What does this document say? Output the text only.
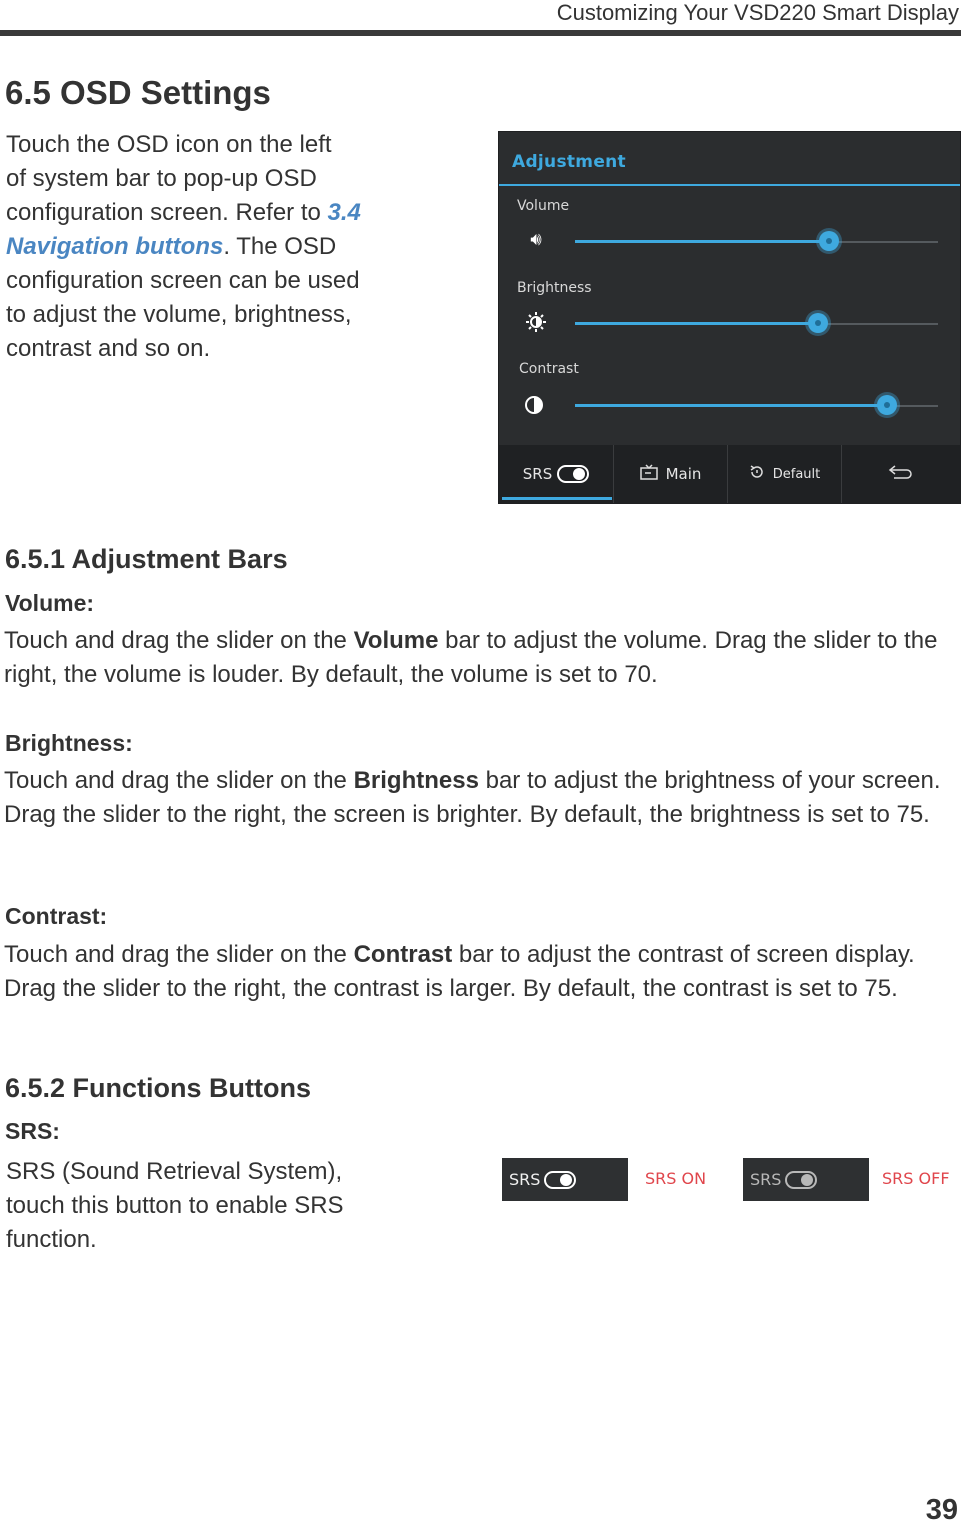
Customizing Your VSD220 Smart Display
6.5 OSD Settings
Touch the OSD icon on the left
of system bar to pop-up OSD
configuration screen. Refer to 3.4
Navigation buttons. The OSD
configuration screen can be used
to adjust the volume, brightness,
contrast and so on.
Adjustment
Volume
🔊︎
Brightness
Contrast
SRS	Main	Default
6.5.1 Adjustment Bars
Volume:
Touch and drag the slider on the Volume bar to adjust the volume. Drag the slider to the right, the volume is louder. By default, the volume is set to 70.
Brightness:
Touch and drag the slider on the Brightness bar to adjust the brightness of your screen. Drag the slider to the right, the screen is brighter. By default, the brightness is set to 75.
Contrast:
Touch and drag the slider on the Contrast bar to adjust the contrast of screen display. Drag the slider to the right, the contrast is larger. By default, the contrast is set to 75.
6.5.2 Functions Buttons
SRS:
SRS (Sound Retrieval System),
touch this button to enable SRS
function.
SRS	SRS ON	SRS	SRS OFF
39
